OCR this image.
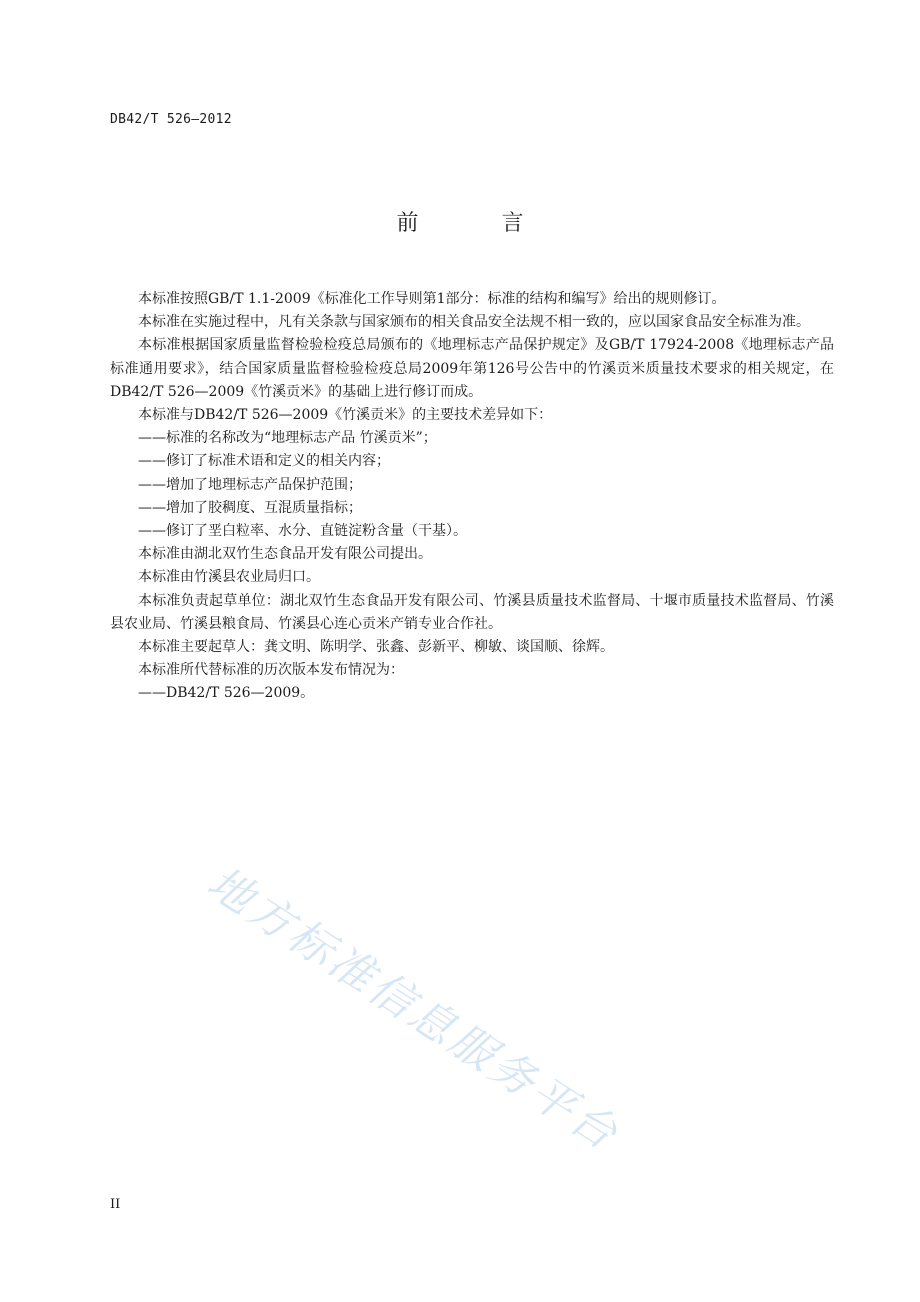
DB42/T 526—2012
前 言

本标准按照GB/T 1.1-2009《标准化工作导则第1部分：标准的结构和编写》给出的规则修订。

本标准在实施过程中，凡有关条款与国家颁布的相关食品安全法规不相一致的，应以国家食品安全标准为准。

本标准根据国家质量监督检验检疫总局颁布的《地理标志产品保护规定》及GB/T 17924-2008《地理标志产品标准通用要求》，结合国家质量监督检验检疫总局2009年第126号公告中的竹溪贡米质量技术要求的相关规定，在DB42/T 526—2009《竹溪贡米》的基础上进行修订而成。

本标准与DB42/T 526—2009《竹溪贡米》的主要技术差异如下：

——标准的名称改为“地理标志产品 竹溪贡米”；

——修订了标准术语和定义的相关内容；

——增加了地理标志产品保护范围；

——增加了胶稠度、互混质量指标；

——修订了垩白粒率、水分、直链淀粉含量（干基）。

本标准由湖北双竹生态食品开发有限公司提出。

本标准由竹溪县农业局归口。

本标准负责起草单位：湖北双竹生态食品开发有限公司、竹溪县质量技术监督局、十堰市质量技术监督局、竹溪县农业局、竹溪县粮食局、竹溪县心连心贡米产销专业合作社。

本标准主要起草人：龚文明、陈明学、张鑫、彭新平、柳敏、谈国顺、徐辉。

本标准所代替标准的历次版本发布情况为：

——DB42/T 526—2009。

地方标准信息服务平台
II
